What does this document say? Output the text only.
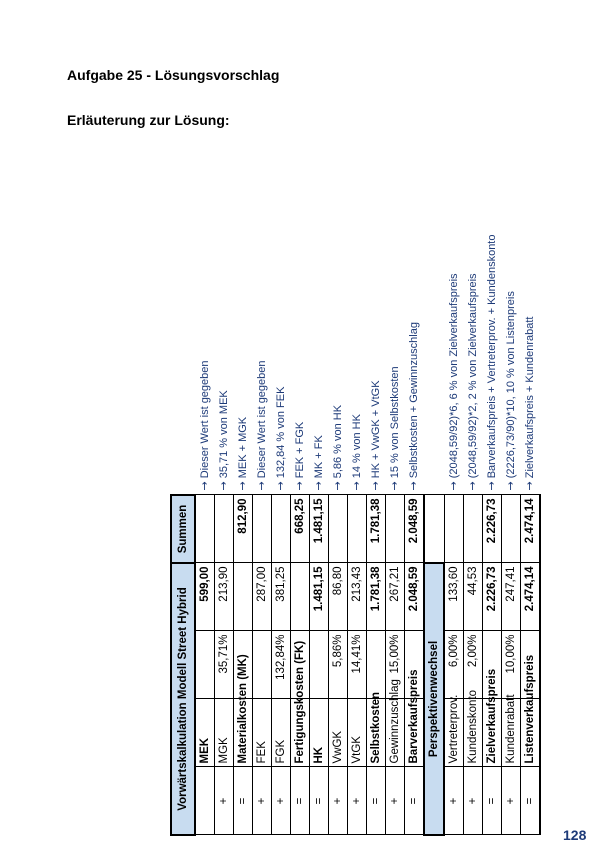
Aufgabe 25 - Lösungsvorschlag
Erläuterung zur Lösung:
Vorwärtskalkulation Modell Street Hybrid				Summen	
	MEK		599,00		→Dieser Wert ist gegeben
+	MGK	35,71%	213,90		→35,71 % von MEK
=	Materialkosten (MK)			812,90	→MEK + MGK
+	FEK		287,00		→Dieser Wert ist gegeben
+	FGK	132,84%	381,25		→132,84 % von FEK
=	Fertigungskosten (FK)			668,25	→FEK + FGK
=	HK		1.481,15	1.481,15	→MK + FK
+	VwGK	5,86%	86,80		→5,86 % von HK
+	VtGK	14,41%	213,43		→14 % von HK
=	Selbstkosten		1.781,38	1.781,38	→HK + VwGK + VtGK
+	Gewinnzuschlag	15,00%	267,21		→15 % von Selbstkosten
=	Barverkaufspreis		2.048,59	2.048,59	→Selbstkosten + Gewinnzuschlag
Perspektivenwechsel					
+	Vertreterprov.	6,00%	133,60		→(2048,59/92)*6, 6 % von Zielverkaufspreis
+	Kundenskonto	2,00%	44,53		→(2048,59/92)*2, 2 % von Zielverkaufspreis
=	Zielverkaufspreis		2.226,73	2.226,73	→Barverkaufspreis + Vertreterprov. + Kundenskonto
+	Kundenrabatt	10,00%	247,41		→(2226,73/90)*10, 10 % von Listenpreis
=	Listenverkaufspreis		2.474,14	2.474,14	→Zielverkaufspreis + Kundenrabatt
128
